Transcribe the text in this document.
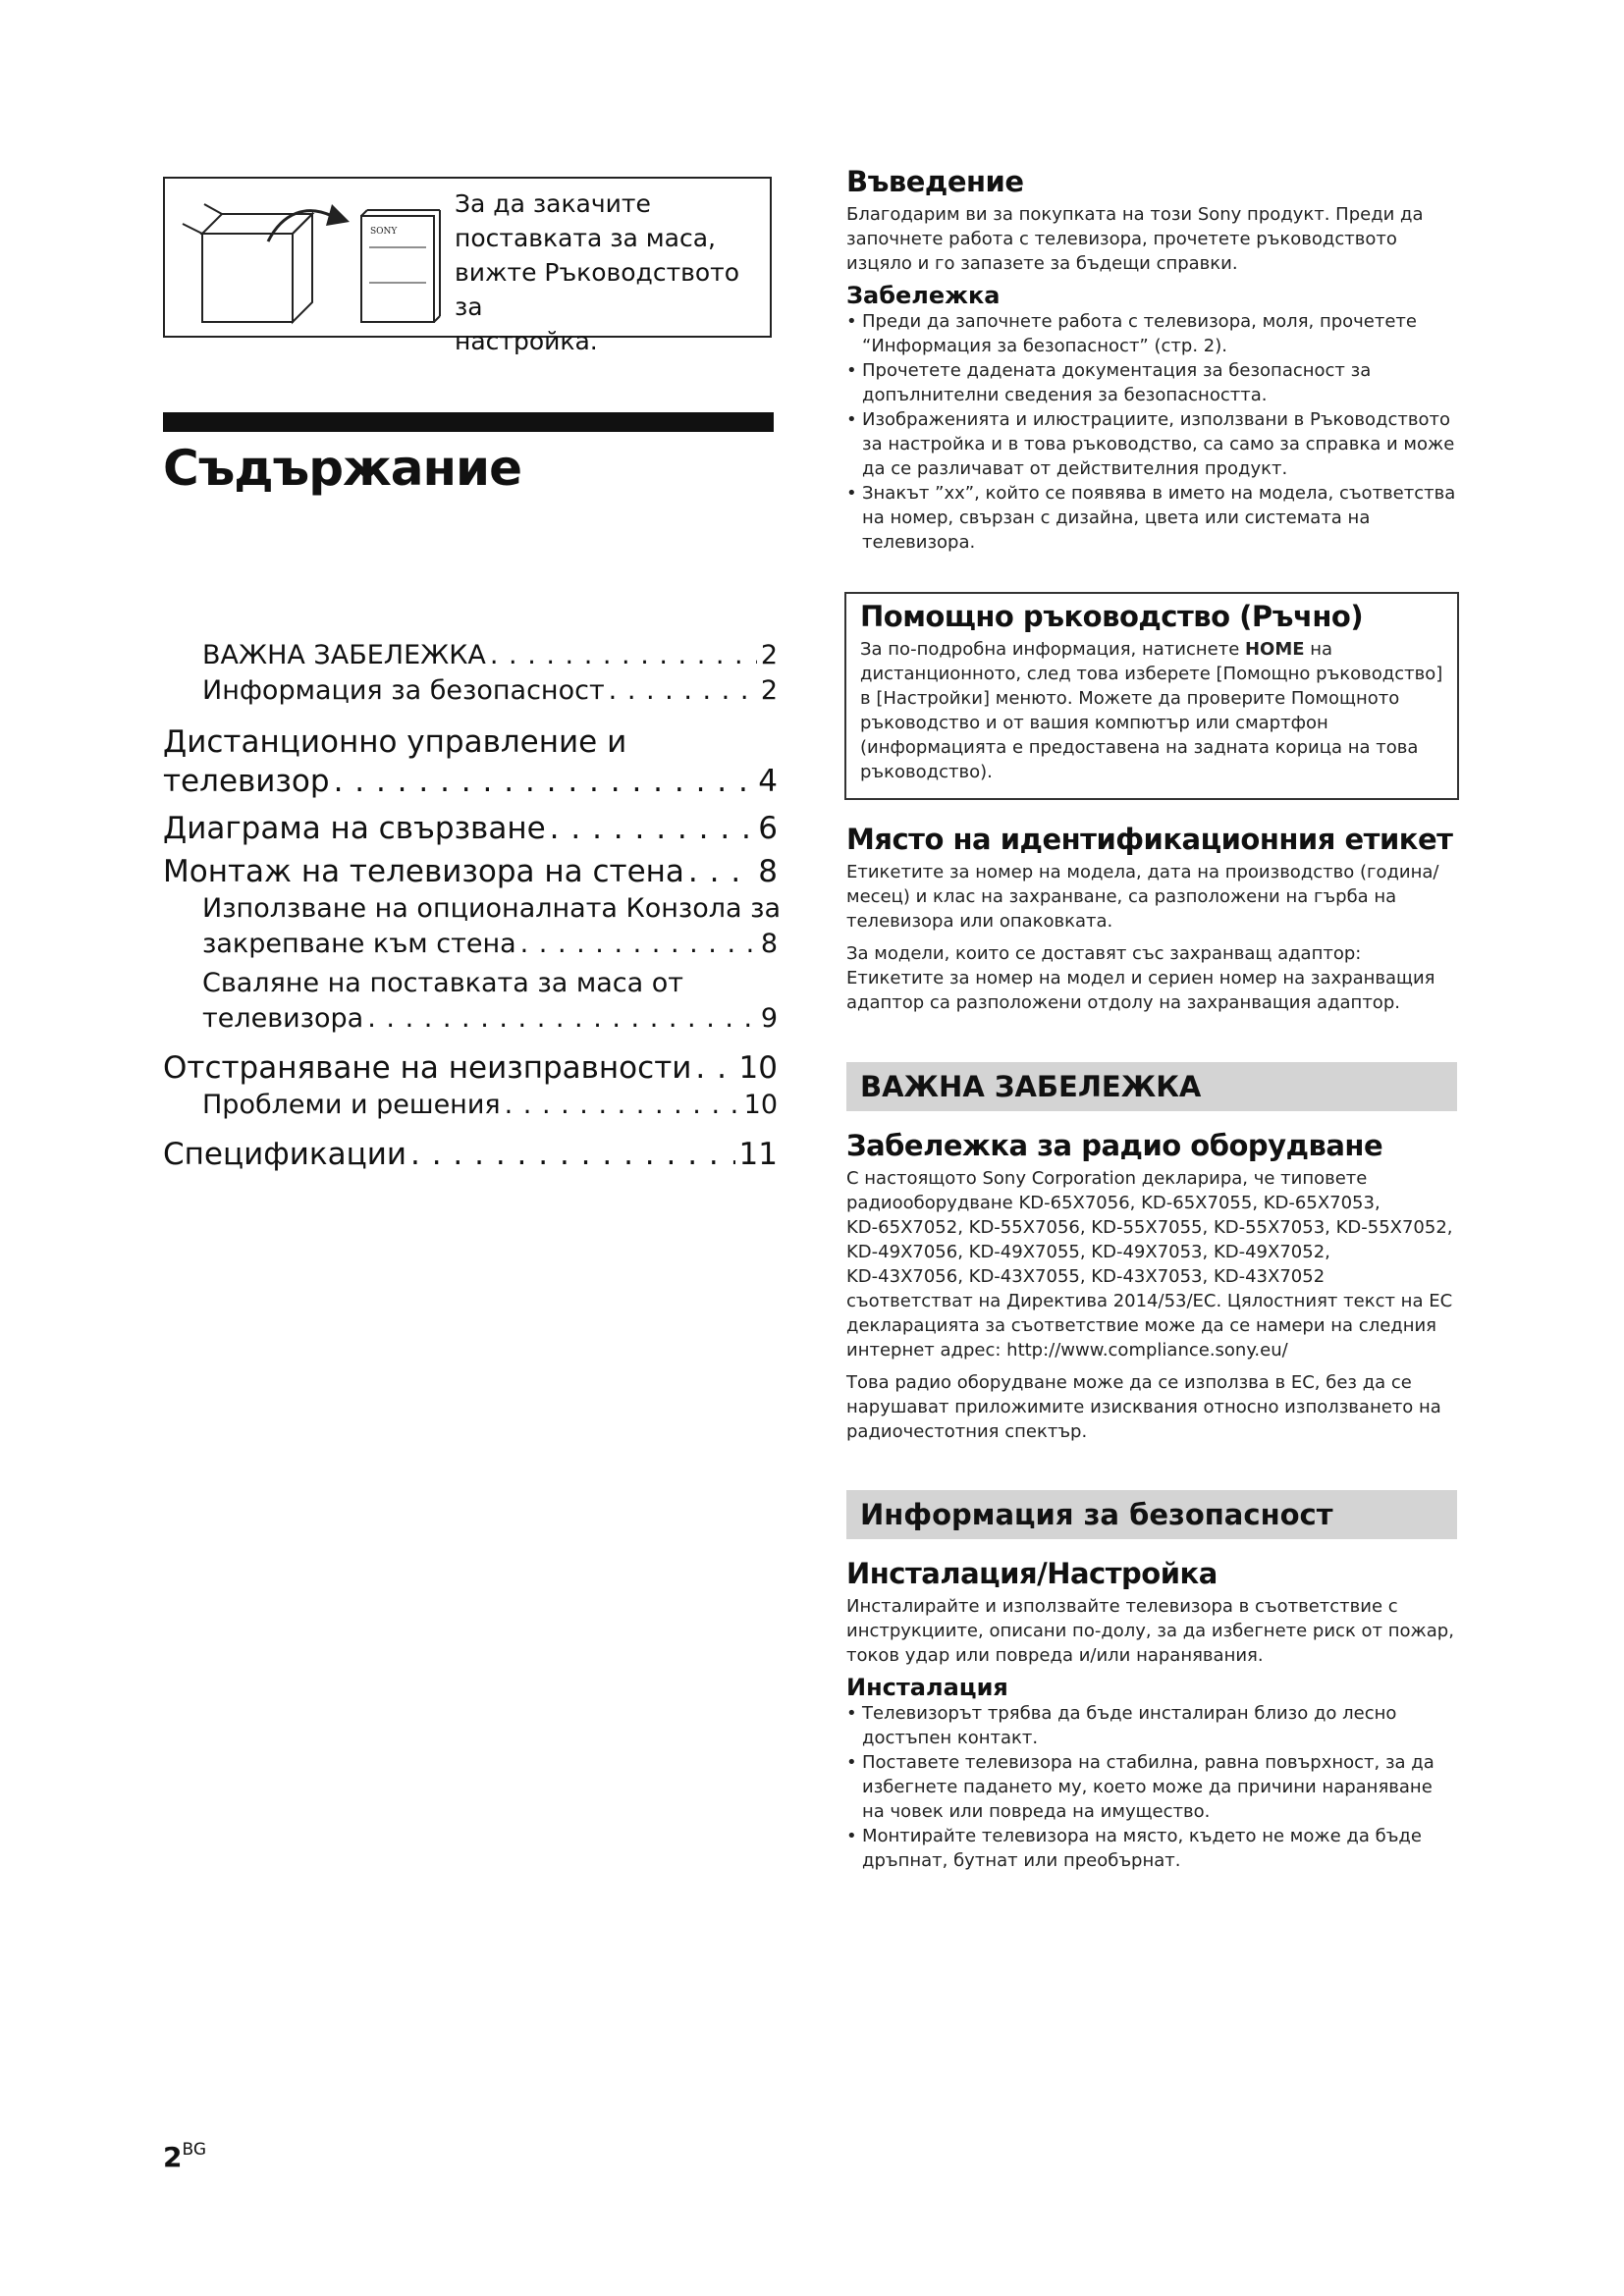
SONY
За да закачите
поставката за маса,
вижте Ръководството за
настройка.
Съдържание
ВАЖНА ЗАБЕЛЕЖКА . . .	2
Информация за безопасност . . .	2
Дистанционно управление и
телевизор . . .	4
Диаграма на свързване . . .	6
Монтаж на телевизора на стена . . . 8
Използване на опционалната Конзола за
закрепване към стена . . .	8
Сваляне на поставката за маса от
телевизора . . .	9
Отстраняване на неизправности . . . 10
Проблеми и решения . . .	10
Спецификации . . .	11
$2^{BG}$
Въведение

Благодарим ви за покупката на този Sony продукт. Преди да започнете работа с телевизора, прочетете ръководството изцяло и го запазете за бъдещи справки.

Забележка
• Преди да започнете работа с телевизора, моля, прочетете “Информация за безопасност” (стр. 2).
• Прочетете дадената документация за безопасност за допълнителни сведения за безопасността.
• Изображенията и илюстрациите, използвани в Ръководството за настройка и в това ръководство, са само за справка и може да се различават от действителния продукт.
• Знакът ”xx”, който се появява в името на модела, съответства на номер, свързан с дизайна, цвета или системата на телевизора.
Помощно ръководство (Ръчно)

За по-подробна информация, натиснете HOME на дистанционното, след това изберете [Помощно ръководство] в [Настройки] менюто. Можете да проверите Помощното ръководство и от вашия компютър или смартфон (информацията е предоставена на задната корица на това ръководство).

Място на идентификационния етикет

Етикетите за номер на модела, дата на производство (година/месец) и клас на захранване, са разположени на гърба на телевизора или опаковката.

За модели, които се доставят със захранващ адаптор: Етикетите за номер на модел и сериен номер на захранващия адаптор са разположени отдолу на захранващия адаптор.

ВАЖНА ЗАБЕЛЕЖКА
Забележка за радио оборудване
С настоящото Sony Corporation декларира, че типовете
радиооборудване KD-65X7056, KD-65X7055, KD-65X7053,
KD-65X7052, KD-55X7056, KD-55X7055, KD-55X7053, KD-55X7052,
KD-49X7056, KD-49X7055, KD-49X7053, KD-49X7052,
KD-43X7056, KD-43X7055, KD-43X7053, KD-43X7052
съответстват на Директива 2014/53/ЕС. Цялостният текст на ЕС
декларацията за съответствие може да се намери на следния
интернет адрес: http://www.compliance.sony.eu/

Това радио оборудване може да се използва в ЕС, без да се нарушават приложимите изисквания относно използването на радиочестотния спектър.

Информация за безопасност
Инсталация/Настройка

Инсталирайте и използвайте телевизора в съответствие с инструкциите, описани по-долу, за да избегнете риск от пожар, токов удар или повреда и/или наранявания.

Инсталация
• Телевизорът трябва да бъде инсталиран близо до лесно достъпен контакт.
• Поставете телевизора на стабилна, равна повърхност, за да избегнете падането му, което може да причини нараняване на човек или повреда на имущество.
• Монтирайте телевизора на място, където не може да бъде дръпнат, бутнат или преобърнат.
